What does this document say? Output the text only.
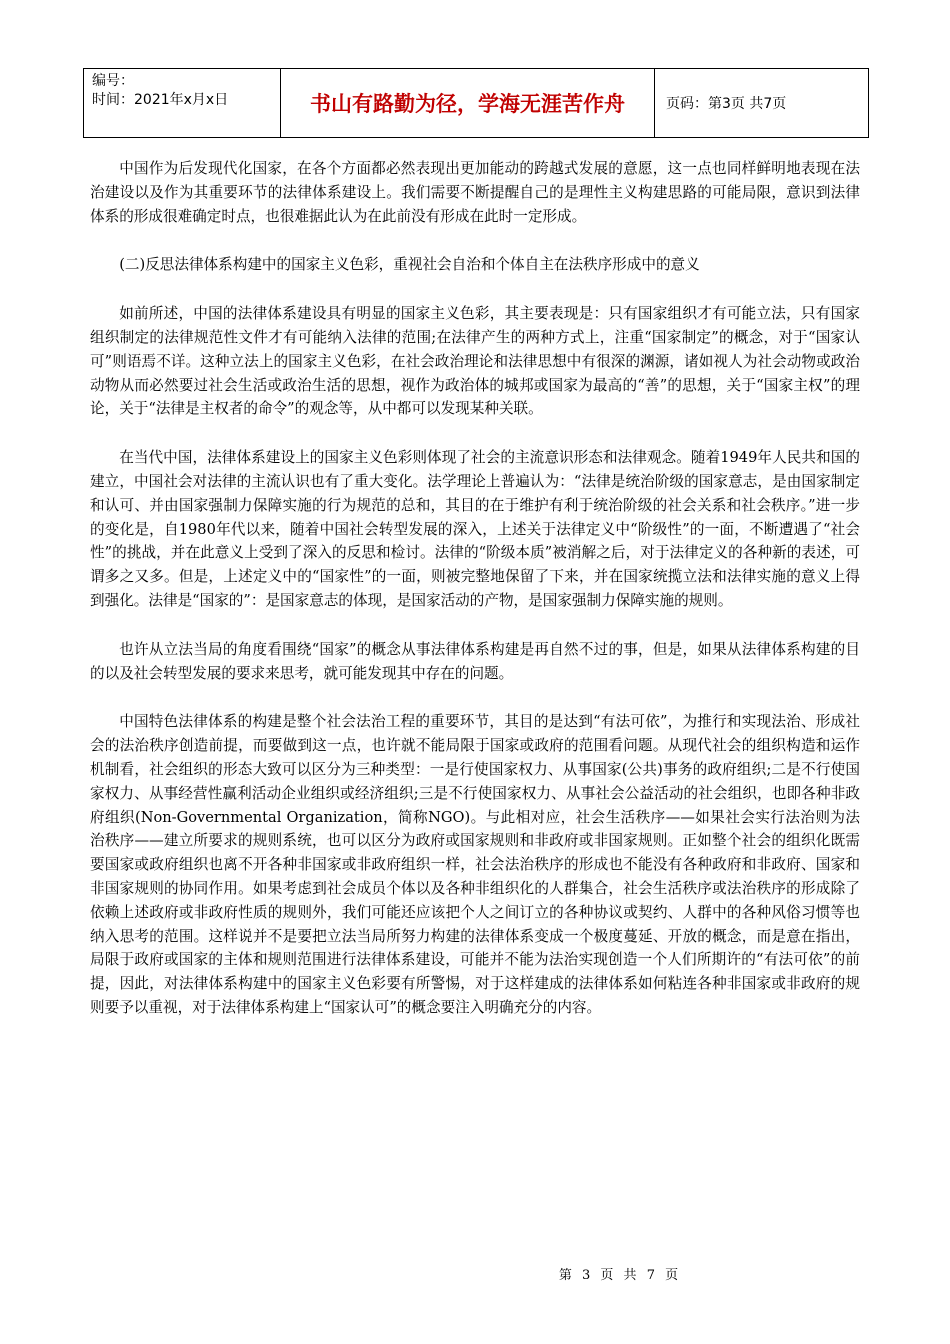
编号：
时间：2021年x月x日	书山有路勤为径，学海无涯苦作舟	页码：第3页 共7页

中国作为后发现代化国家，在各个方面都必然表现出更加能动的跨越式发展的意愿，这一点也同样鲜明地表现在法治建设以及作为其重要环节的法律体系建设上。我们需要不断提醒自己的是理性主义构建思路的可能局限，意识到法律体系的形成很难确定时点，也很难据此认为在此前没有形成在此时一定形成。

(二)反思法律体系构建中的国家主义色彩，重视社会自治和个体自主在法秩序形成中的意义

如前所述，中国的法律体系建设具有明显的国家主义色彩，其主要表现是：只有国家组织才有可能立法，只有国家组织制定的法律规范性文件才有可能纳入法律的范围;在法律产生的两种方式上，注重“国家制定”的概念，对于“国家认可”则语焉不详。这种立法上的国家主义色彩，在社会政治理论和法律思想中有很深的渊源，诸如视人为社会动物或政治动物从而必然要过社会生活或政治生活的思想，视作为政治体的城邦或国家为最高的“善”的思想，关于“国家主权”的理论，关于“法律是主权者的命令”的观念等，从中都可以发现某种关联。

在当代中国，法律体系建设上的国家主义色彩则体现了社会的主流意识形态和法律观念。随着1949年人民共和国的建立，中国社会对法律的主流认识也有了重大变化。法学理论上普遍认为：“法律是统治阶级的国家意志，是由国家制定和认可、并由国家强制力保障实施的行为规范的总和，其目的在于维护有利于统治阶级的社会关系和社会秩序。”进一步的变化是，自1980年代以来，随着中国社会转型发展的深入，上述关于法律定义中“阶级性”的一面，不断遭遇了“社会性”的挑战，并在此意义上受到了深入的反思和检讨。法律的“阶级本质”被消解之后，对于法律定义的各种新的表述，可谓多之又多。但是，上述定义中的“国家性”的一面，则被完整地保留了下来，并在国家统揽立法和法律实施的意义上得到强化。法律是“国家的”：是国家意志的体现，是国家活动的产物，是国家强制力保障实施的规则。

也许从立法当局的角度看围绕“国家”的概念从事法律体系构建是再自然不过的事，但是，如果从法律体系构建的目的以及社会转型发展的要求来思考，就可能发现其中存在的问题。

中国特色法律体系的构建是整个社会法治工程的重要环节，其目的是达到“有法可依”，为推行和实现法治、形成社会的法治秩序创造前提，而要做到这一点，也许就不能局限于国家或政府的范围看问题。从现代社会的组织构造和运作机制看，社会组织的形态大致可以区分为三种类型：一是行使国家权力、从事国家(公共)事务的政府组织;二是不行使国家权力、从事经营性赢利活动企业组织或经济组织;三是不行使国家权力、从事社会公益活动的社会组织，也即各种非政府组织(Non-Governmental Organization，简称NGO)。与此相对应，社会生活秩序——如果社会实行法治则为法治秩序——建立所要求的规则系统，也可以区分为政府或国家规则和非政府或非国家规则。正如整个社会的组织化既需要国家或政府组织也离不开各种非国家或非政府组织一样，社会法治秩序的形成也不能没有各种政府和非政府、国家和非国家规则的协同作用。如果考虑到社会成员个体以及各种非组织化的人群集合，社会生活秩序或法治秩序的形成除了依赖上述政府或非政府性质的规则外，我们可能还应该把个人之间订立的各种协议或契约、人群中的各种风俗习惯等也纳入思考的范围。这样说并不是要把立法当局所努力构建的法律体系变成一个极度蔓延、开放的概念，而是意在指出，局限于政府或国家的主体和规则范围进行法律体系建设，可能并不能为法治实现创造一个人们所期许的“有法可依”的前提，因此，对法律体系构建中的国家主义色彩要有所警惕，对于这样建成的法律体系如何粘连各种非国家或非政府的规则要予以重视，对于法律体系构建上“国家认可”的概念要注入明确充分的内容。

第 3 页 共 7 页
